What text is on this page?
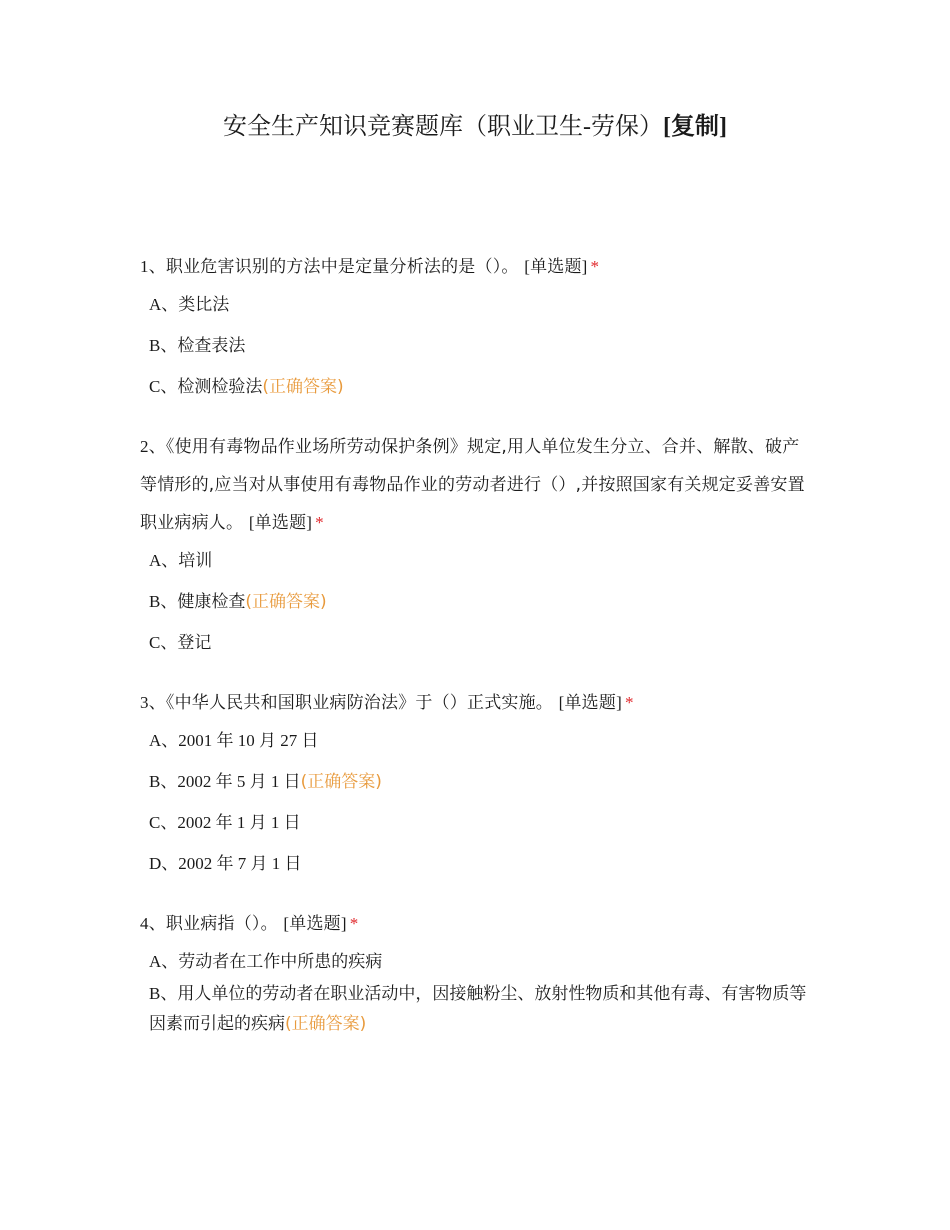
安全生产知识竞赛题库（职业卫生-劳保）[复制]
1、职业危害识别的方法中是定量分析法的是（）。 [单选题] *
A、类比法
B、检查表法
C、检测检验法(正确答案)
2、《使用有毒物品作业场所劳动保护条例》规定,用人单位发生分立、合并、解散、破产等情形的,应当对从事使用有毒物品作业的劳动者进行（）,并按照国家有关规定妥善安置职业病病人。 [单选题] *
A、培训
B、健康检查(正确答案)
C、登记
3、《中华人民共和国职业病防治法》于（）正式实施。 [单选题] *
A、2001 年 10 月 27 日
B、2002 年 5 月 1 日(正确答案)
C、2002 年 1 月 1 日
D、2002 年 7 月 1 日
4、职业病指（）。 [单选题] *
A、劳动者在工作中所患的疾病
B、用人单位的劳动者在职业活动中，因接触粉尘、放射性物质和其他有毒、有害物质等因素而引起的疾病(正确答案)
